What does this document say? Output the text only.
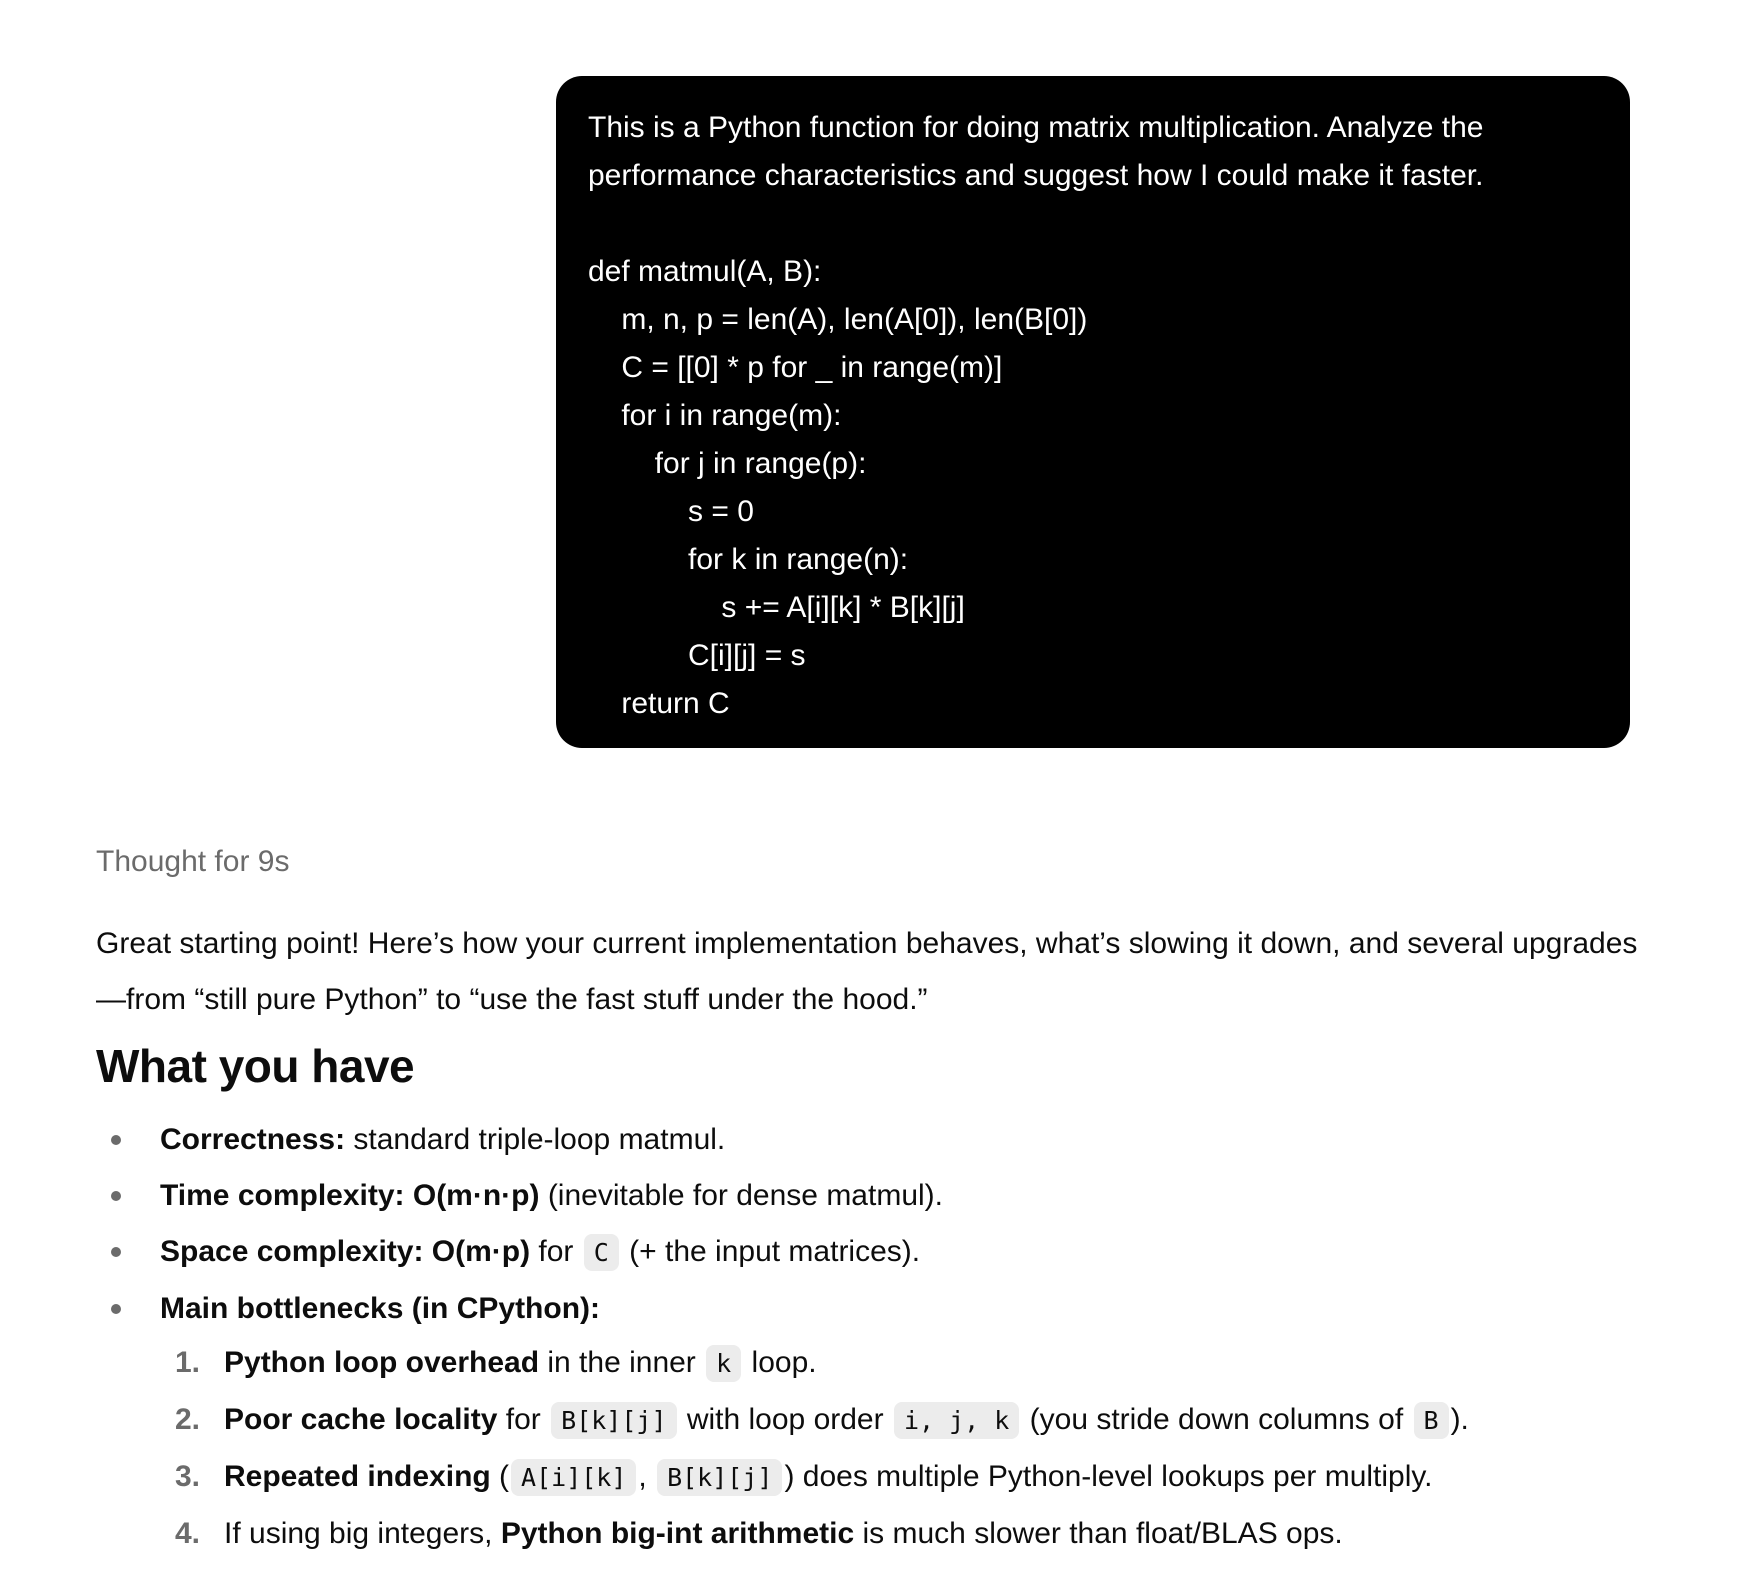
This is a Python function for doing matrix multiplication. Analyze the performance characteristics and suggest how I could make it faster.
def matmul(A, B):
m, n, p = len(A), len(A[0]), len(B[0])
C = [[0] * p for _ in range(m)]
for i in range(m):
for j in range(p):
s = 0
for k in range(n):
s += A[i][k] * B[k][j]
C[i][j] = s
return C
Thought for 9s

Great starting point! Here’s how your current implementation behaves, what’s slowing it down, and several upgrades—from “still pure Python” to “use the fast stuff under the hood.”

What you have
Correctness: standard triple-loop matmul.
Time complexity: O(m·n·p) (inevitable for dense matmul).
Space complexity: O(m·p) for C (+ the input matrices).
Main bottlenecks (in CPython):
1. Python loop overhead in the inner k loop.
2. Poor cache locality for B[k][j] with loop order i, j, k (you stride down columns of B ).
3. Repeated indexing ( A[i][k] , B[k][j] ) does multiple Python-level lookups per multiply.
4. If using big integers, Python big-int arithmetic is much slower than float/BLAS ops.
